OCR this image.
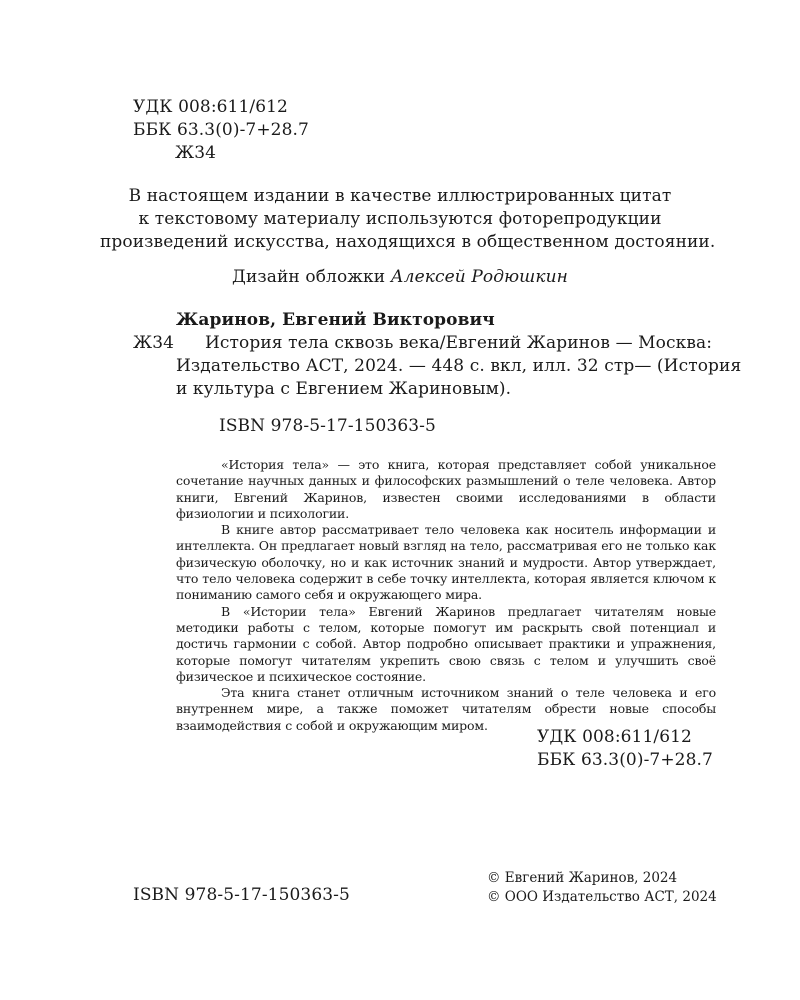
УДК 008:611/612
ББК 63.3(0)-7+28.7
Ж34
В настоящем издании в качестве иллюстрированных цитат
к текстовому материалу используются фоторепродукции
произведений искусства, находящихся в общественном достоянии.
Дизайн обложки Алексей Родюшкин
Жаринов, Евгений Викторович
Ж34	История тела сквозь века/Евгений Жаринов — Москва:
Издательство АСТ, 2024. — 448 с. вкл, илл. 32 стр— (История
и культура с Евгением Жариновым).
ISBN 978-5-17-150363-5

«История тела» — это книга, которая представляет собой уникальное сочетание научных данных и философских размышлений о теле человека. Автор книги, Евгений Жаринов, известен своими исследованиями в области физиологии и психологии.

В книге автор рассматривает тело человека как носитель информации и интеллекта. Он предлагает новый взгляд на тело, рассматривая его не только как физическую оболочку, но и как источник знаний и мудрости. Автор утверждает, что тело человека содержит в себе точку интеллекта, которая является ключом к пониманию самого себя и окружающего мира.

В «Истории тела» Евгений Жаринов предлагает читателям новые методики работы с телом, которые помогут им раскрыть свой потенциал и достичь гармонии с собой. Автор подробно описывает практики и упражнения, которые помогут читателям укрепить свою связь с телом и улучшить своё физическое и психическое состояние.

Эта книга станет отличным источником знаний о теле человека и его внутреннем мире, а также поможет читателям обрести новые способы взаимодействия с собой и окружающим миром.

УДК 008:611/612
ББК 63.3(0)-7+28.7
ISBN 978-5-17-150363-5
© Евгений Жаринов, 2024
© ООО Издательство АСТ, 2024
